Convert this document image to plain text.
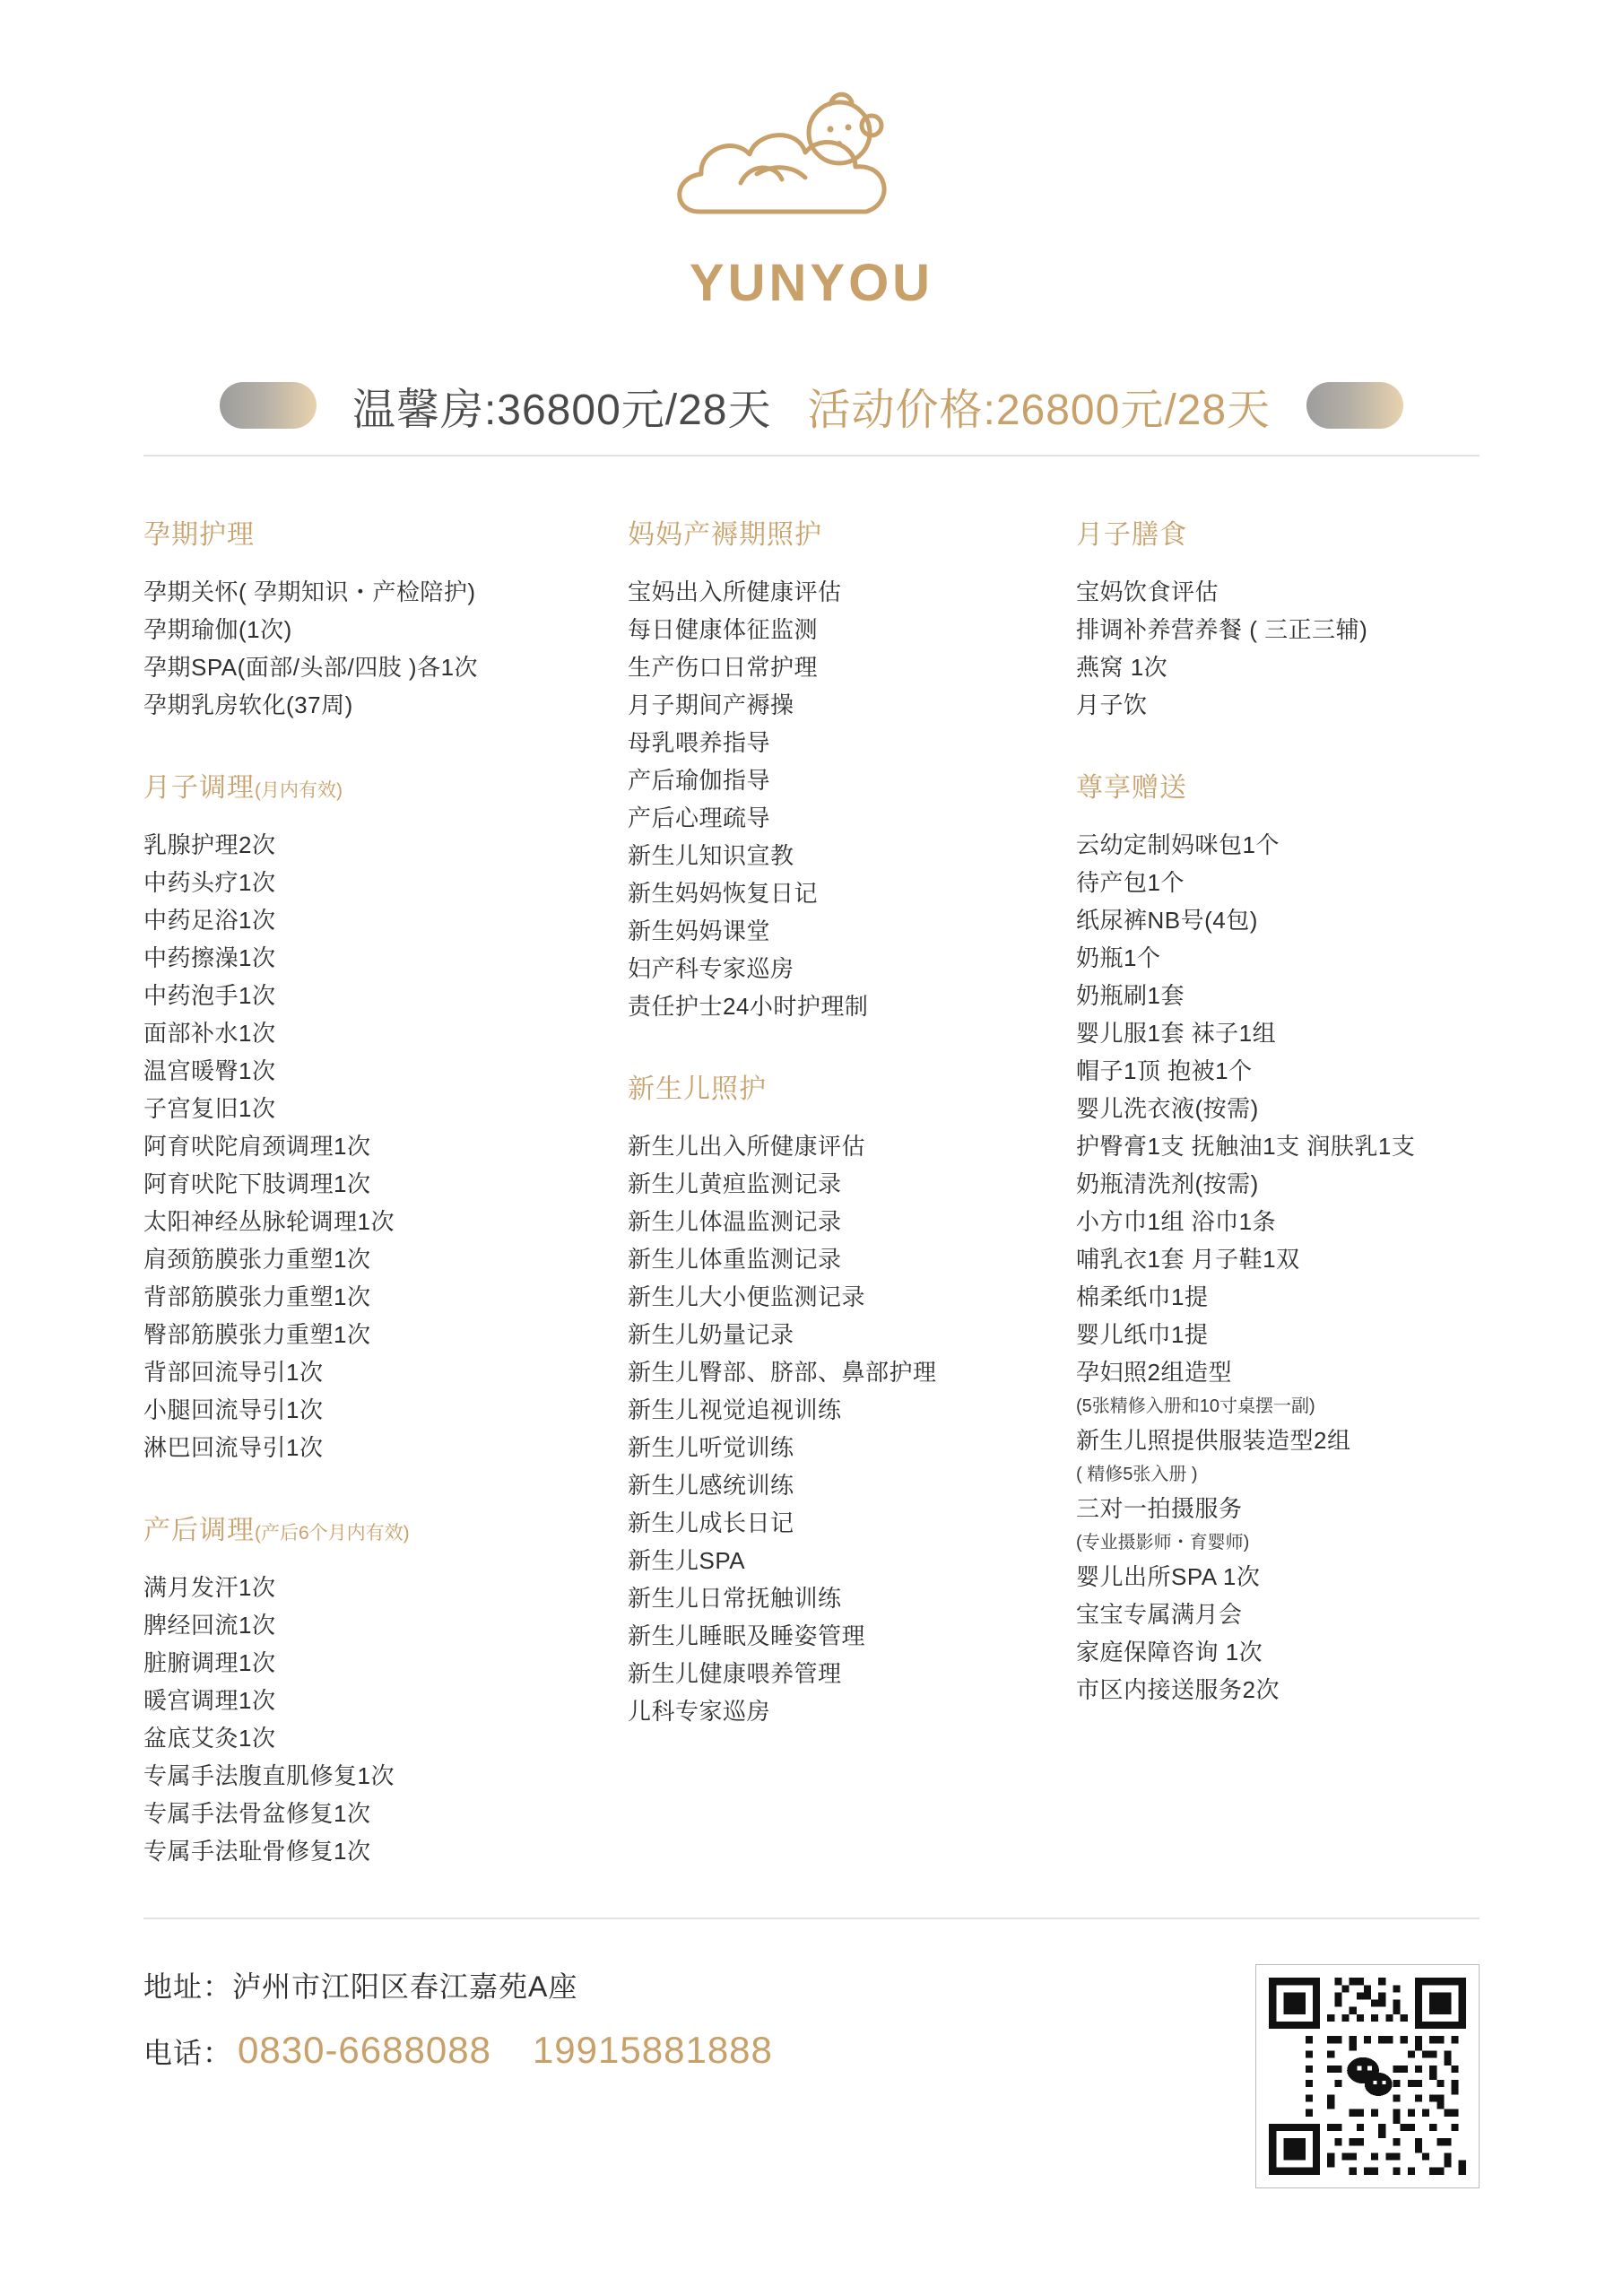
YUNYOU
温馨房:36800元/28天 活动价格:26800元/28天
孕期护理
孕期关怀( 孕期知识・产检陪护)
孕期瑜伽(1次)
孕期SPA(面部/头部/四肢 )各1次
孕期乳房软化(37周)
月子调理(月内有效)
乳腺护理2次
中药头疗1次
中药足浴1次
中药擦澡1次
中药泡手1次
面部补水1次
温宫暖臀1次
子宫复旧1次
阿育吠陀肩颈调理1次
阿育吠陀下肢调理1次
太阳神经丛脉轮调理1次
肩颈筋膜张力重塑1次
背部筋膜张力重塑1次
臀部筋膜张力重塑1次
背部回流导引1次
小腿回流导引1次
淋巴回流导引1次
产后调理(产后6个月内有效)
满月发汗1次
脾经回流1次
脏腑调理1次
暖宫调理1次
盆底艾灸1次
专属手法腹直肌修复1次
专属手法骨盆修复1次
专属手法耻骨修复1次
妈妈产褥期照护
宝妈出入所健康评估
每日健康体征监测
生产伤口日常护理
月子期间产褥操
母乳喂养指导
产后瑜伽指导
产后心理疏导
新生儿知识宣教
新生妈妈恢复日记
新生妈妈课堂
妇产科专家巡房
责任护士24小时护理制
新生儿照护
新生儿出入所健康评估
新生儿黄疸监测记录
新生儿体温监测记录
新生儿体重监测记录
新生儿大小便监测记录
新生儿奶量记录
新生儿臀部、脐部、鼻部护理
新生儿视觉追视训练
新生儿听觉训练
新生儿感统训练
新生儿成长日记
新生儿SPA
新生儿日常抚触训练
新生儿睡眠及睡姿管理
新生儿健康喂养管理
儿科专家巡房
月子膳食
宝妈饮食评估
排调补养营养餐 ( 三正三辅)
燕窝 1次
月子饮
尊享赠送
云幼定制妈咪包1个
待产包1个
纸尿裤NB号(4包)
奶瓶1个
奶瓶刷1套
婴儿服1套 袜子1组
帽子1顶 抱被1个
婴儿洗衣液(按需)
护臀膏1支 抚触油1支 润肤乳1支
奶瓶清洗剂(按需)
小方巾1组 浴巾1条
哺乳衣1套 月子鞋1双
棉柔纸巾1提
婴儿纸巾1提
孕妇照2组造型
(5张精修入册和10寸桌摆一副)
新生儿照提供服装造型2组
( 精修5张入册 )
三对一拍摄服务
(专业摄影师・育婴师)
婴儿出所SPA 1次
宝宝专属满月会
家庭保障咨询 1次
市区内接送服务2次
地址：泸州市江阳区春江嘉苑A座
电话： 0830-6688088 19915881888
